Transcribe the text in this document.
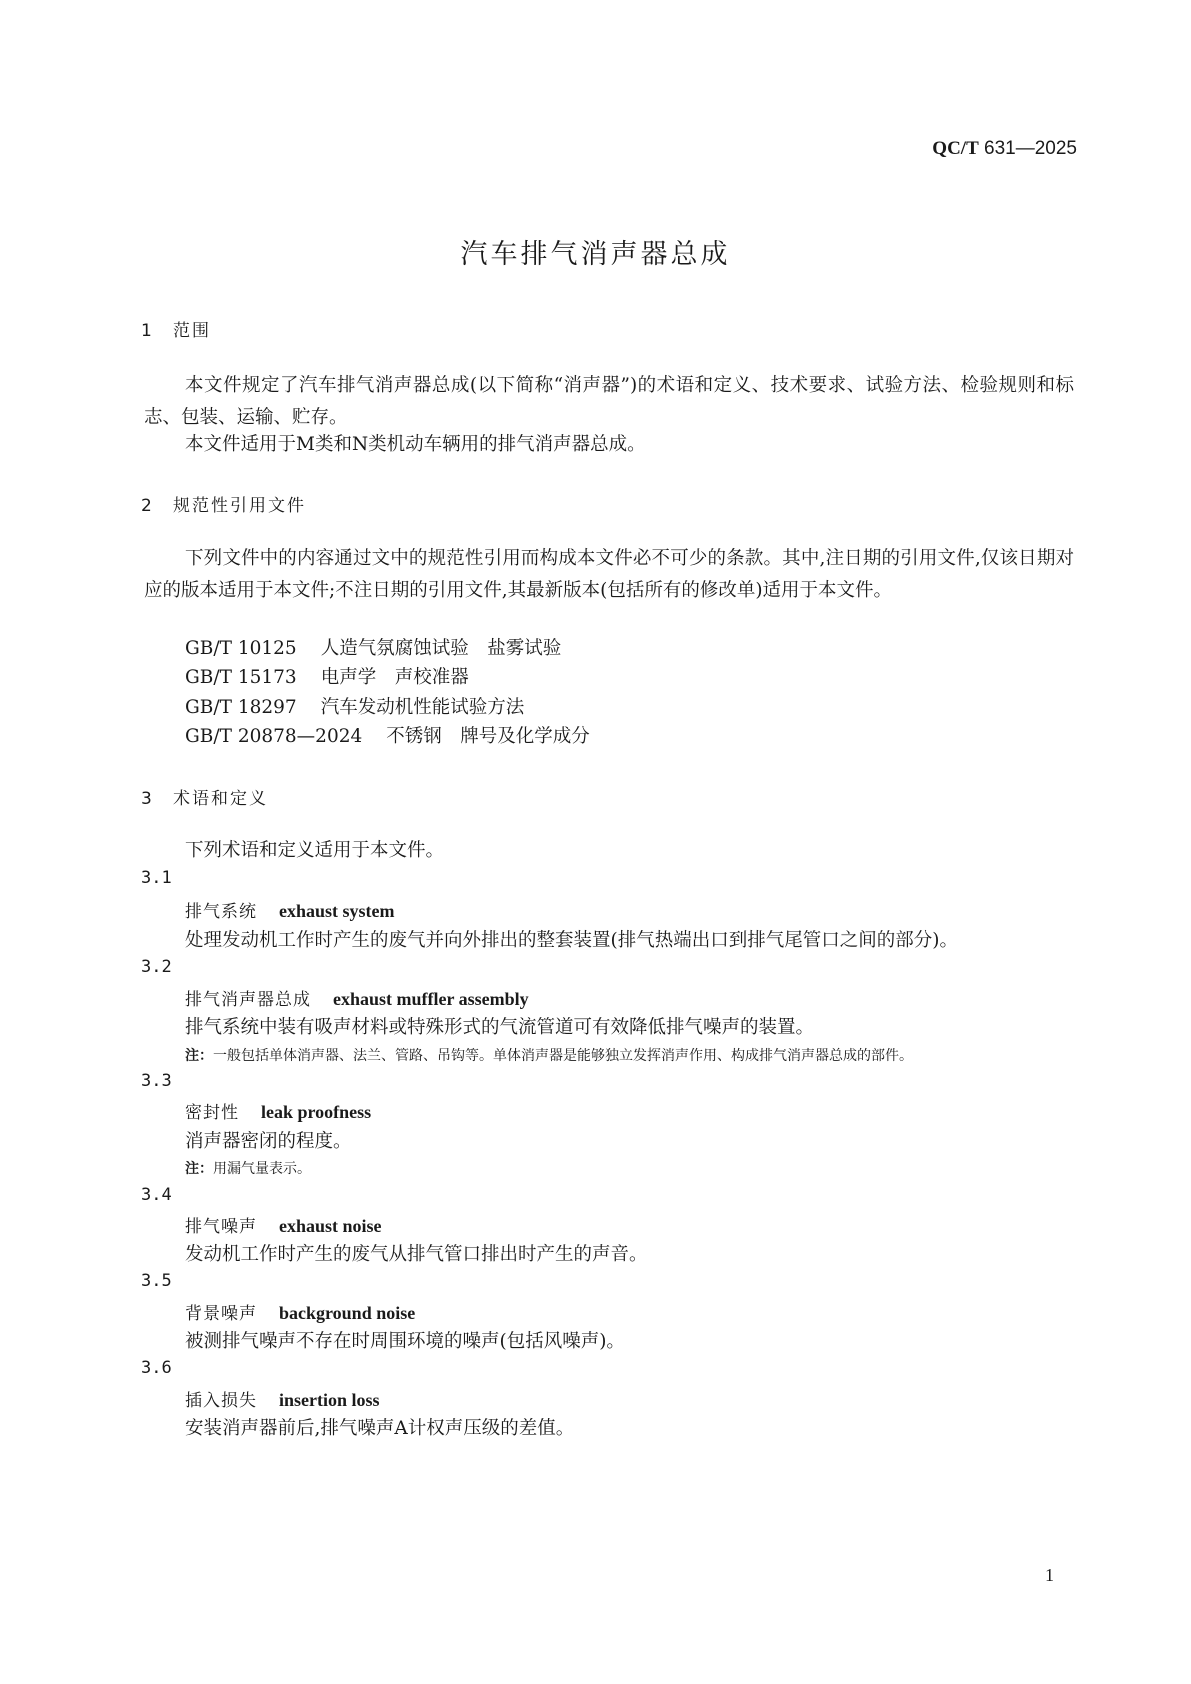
QC/T 631—2025
汽车排气消声器总成
1 范围
本文件规定了汽车排气消声器总成(以下简称“消声器”)的术语和定义、技术要求、试验方法、检验规则和标志、包装、运输、贮存。
本文件适用于M类和N类机动车辆用的排气消声器总成。
2 规范性引用文件
下列文件中的内容通过文中的规范性引用而构成本文件必不可少的条款。其中,注日期的引用文件,仅该日期对应的版本适用于本文件;不注日期的引用文件,其最新版本(包括所有的修改单)适用于本文件。
GB/T 10125 人造气氛腐蚀试验　盐雾试验
GB/T 15173 电声学　声校准器
GB/T 18297 汽车发动机性能试验方法
GB/T 20878—2024 不锈钢　牌号及化学成分
3 术语和定义
下列术语和定义适用于本文件。
3.1
排气系统 exhaust system
处理发动机工作时产生的废气并向外排出的整套装置(排气热端出口到排气尾管口之间的部分)。
3.2
排气消声器总成 exhaust muffler assembly
排气系统中装有吸声材料或特殊形式的气流管道可有效降低排气噪声的装置。
注：一般包括单体消声器、法兰、管路、吊钩等。单体消声器是能够独立发挥消声作用、构成排气消声器总成的部件。
3.3
密封性 leak proofness
消声器密闭的程度。
注：用漏气量表示。
3.4
排气噪声 exhaust noise
发动机工作时产生的废气从排气管口排出时产生的声音。
3.5
背景噪声 background noise
被测排气噪声不存在时周围环境的噪声(包括风噪声)。
3.6
插入损失 insertion loss
安装消声器前后,排气噪声A计权声压级的差值。
1
